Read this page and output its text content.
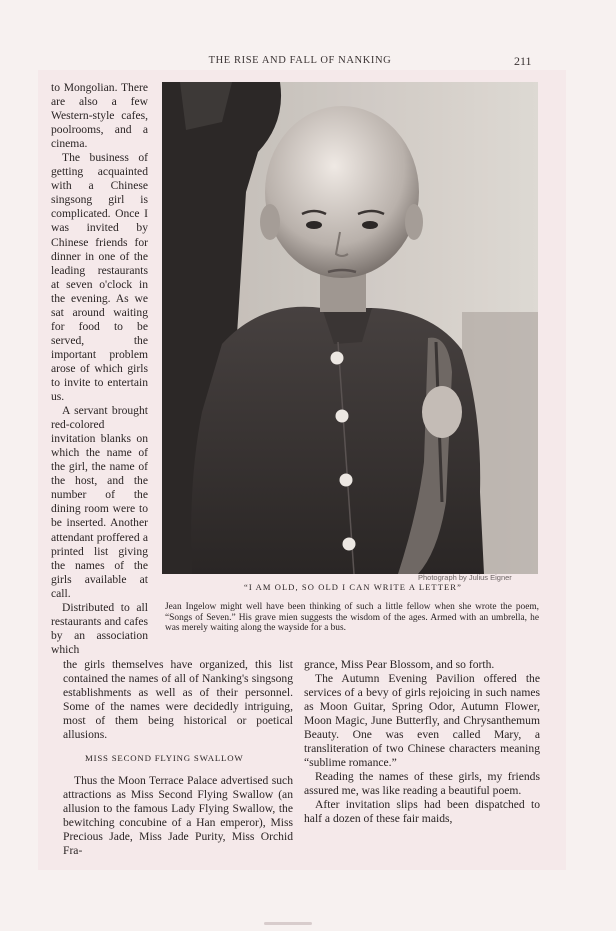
THE RISE AND FALL OF NANKING	211

to Mongolian. There are also a few Western-style cafes, poolrooms, and a cinema.

The business of getting acquainted with a Chinese singsong girl is complicated. Once I was invited by Chinese friends for dinner in one of the leading restaurants at seven o'clock in the evening. As we sat around waiting for food to be served, the important problem arose of which girls to invite to entertain us.

A servant brought red-colored invitation blanks on which the name of the girl, the name of the host, and the number of the dining room were to be inserted. Another attendant proffered a printed list giving the names of the girls available at call.

Distributed to all restaurants and cafes by an association which

Photograph by Julius Eigner
“I AM OLD, SO OLD I CAN WRITE A LETTER”
Jean Ingelow might well have been thinking of such a little fellow when she wrote the poem, “Songs of Seven.” His grave mien suggests the wisdom of the ages. Armed with an umbrella, he was merely waiting along the wayside for a bus.

the girls themselves have organized, this list contained the names of all of Nanking's singsong establishments as well as of their personnel. Some of the names were decidedly intriguing, most of them being historical or poetical allusions.

MISS SECOND FLYING SWALLOW

Thus the Moon Terrace Palace advertised such attractions as Miss Second Flying Swallow (an allusion to the famous Lady Flying Swallow, the bewitching concubine of a Han emperor), Miss Precious Jade, Miss Jade Purity, Miss Orchid Fra-

grance, Miss Pear Blossom, and so forth.

The Autumn Evening Pavilion offered the services of a bevy of girls rejoicing in such names as Moon Guitar, Spring Odor, Autumn Flower, Moon Magic, June Butterfly, and Chrysanthemum Beauty. One was even called Mary, a transliteration of two Chinese characters meaning “sublime romance.”

Reading the names of these girls, my friends assured me, was like reading a beautiful poem.

After invitation slips had been dispatched to half a dozen of these fair maids,
